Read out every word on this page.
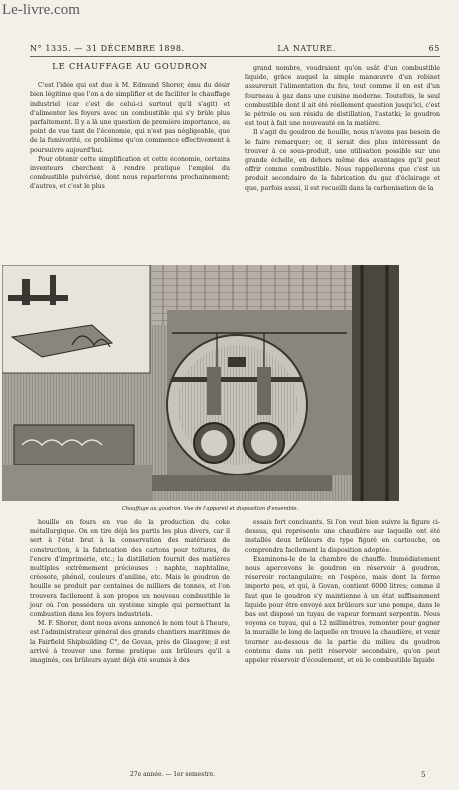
Le-livre.com
N° 1335. — 31 DÉCEMBRE 1898.	LA NATURE.	65
LE CHAUFFAGE AU GOUDRON

C'est l'idée qui est due à M. Edmund Shorer, ému du désir bien légitime que l'on a de simplifier et de faciliter le chauffage industriel (car c'est de celui-ci surtout qu'il s'agit) et d'alimenter les foyers avec un combustible qui s'y brûle plus parfaitement. Il y a là une question de première importance, au point de vue tant de l'économie, qui n'est pas négligeable, que de la fumivorité, ce problème qu'on commence effectivement à poursuivre aujourd'hui.

Pour obtenir cette simplification et cette économie, certains inventeurs cherchent à rendre pratique l'emploi du combustible pulvérisé, dont nous reparlerons prochainement; d'autres, et c'est le plus

grand nombre, voudraient qu'on usât d'un combustible liquide, grâce auquel la simple manœuvre d'un robinet assurerait l'alimentation du feu, tout comme il en est d'un fourneau à gaz dans une cuisine moderne. Toutefois, le seul combustible dont il ait été réellement question jusqu'ici, c'est le pétrole ou son résidu de distillation, l'astatki; le goudron est tout à fait une nouveauté en la matière.

Il s'agit du goudron de houille, nous n'avons pas besoin de le faire remarquer; or, il serait des plus intéressant de trouver à ce sous-produit, une utilisation possible sur une grande échelle, en dehors même des avantages qu'il peut offrir comme combustible. Nous rappellerons que c'est un produit secondaire de la fabrication du gaz d'éclairage et que, parfois aussi, il est recueilli dans la carbonisation de la

Chauffage au goudron. Vue de l'appareil et disposition d'ensemble.

houille en fours en vue de la production du coke métallurgique. On en tire déjà les partis les plus divers, car il sert à l'état brut à la conservation des matériaux de construction, à la fabrication des cartons pour toitures, de l'encre d'imprimerie, etc.; la distillation fournit des matières multiples extrêmement précieuses : naphte, naphtaline, créosote, phénol, couleurs d'aniline, etc. Mais le goudron de houille se produit par centaines de milliers de tonnes, et l'on trouvera facilement à son propos un nouveau combustible le jour où l'on possédera un système simple qui permettant la combustion dans les foyers industriels.

M. F. Shorer, dont nous avons annoncé le nom tout à l'heure, est l'administrateur général des grands chantiers maritimes de la Fairfield Shipbuilding C°, de Govan, près de Glasgow; il est arrivé à trouver une forme pratique aux brûleurs qu'il a imaginés, ces brûleurs ayant déjà été soumis à des

essais fort concluants. Si l'on veut bien suivre la figure ci-dessus, qui représente une chaudière sur laquelle ont été installés deux brûleurs du type figuré en cartouche, on comprendra facilement la disposition adoptée.

Examinons-le de la chambre de chauffe. Immédiatement nous apercevons le goudron en réservoir à goudron, réservoir rectangulaire; en l'espèce, mais dont la forme importe peu, et qui, à Govan, contient 6000 litres; comme il faut que le goudron s'y maintienne à un état suffisamment liquide pour être envoyé aux brûleurs sur une pompe, dans le bas est disposé un tuyau de vapeur formant serpentin. Nous voyons ce tuyau, qui a 12 millimètres, remonter pour gagner la muraille le long de laquelle on trouve la chaudière, et venir tourner au-dessous de la partie du milieu du goudron contenu dans un petit réservoir secondaire, qu'on peut appeler réservoir d'écoulement, et où le combustible liquide

27e année. — 1er semestre.	5
